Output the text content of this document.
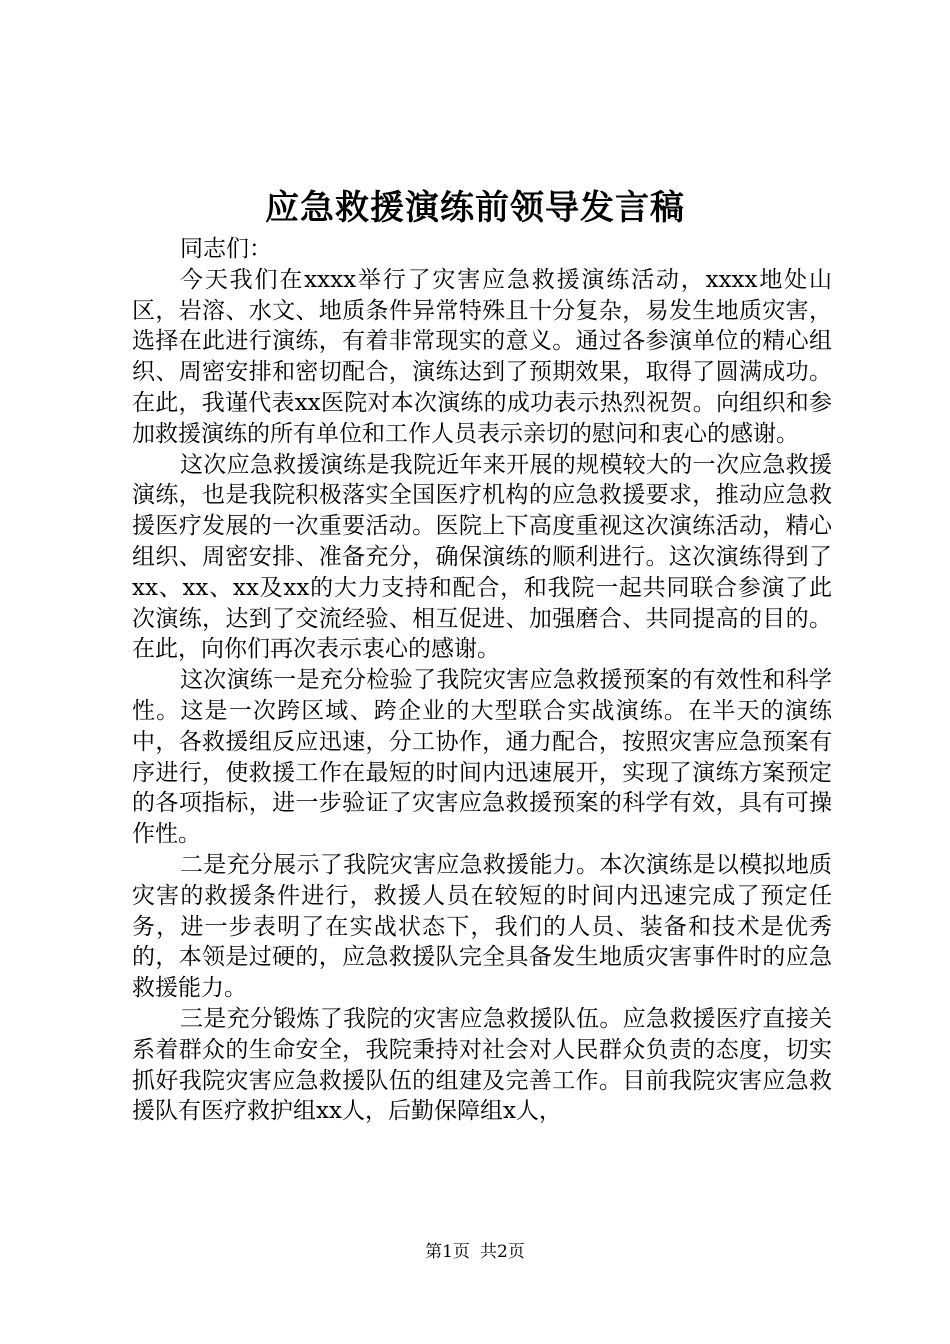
应急救援演练前领导发言稿

同志们：

今天我们在xxxx举行了灾害应急救援演练活动，xxxx地处山区，岩溶、水文、地质条件异常特殊且十分复杂，易发生地质灾害，选择在此进行演练，有着非常现实的意义。通过各参演单位的精心组织、周密安排和密切配合，演练达到了预期效果，取得了圆满成功。在此，我谨代表xx医院对本次演练的成功表示热烈祝贺。向组织和参加救援演练的所有单位和工作人员表示亲切的慰问和衷心的感谢。

这次应急救援演练是我院近年来开展的规模较大的一次应急救援演练，也是我院积极落实全国医疗机构的应急救援要求，推动应急救援医疗发展的一次重要活动。医院上下高度重视这次演练活动，精心组织、周密安排、准备充分，确保演练的顺利进行。这次演练得到了xx、xx、xx及xx的大力支持和配合，和我院一起共同联合参演了此次演练，达到了交流经验、相互促进、加强磨合、共同提高的目的。在此，向你们再次表示衷心的感谢。

这次演练一是充分检验了我院灾害应急救援预案的有效性和科学性。这是一次跨区域、跨企业的大型联合实战演练。在半天的演练中，各救援组反应迅速，分工协作，通力配合，按照灾害应急预案有序进行，使救援工作在最短的时间内迅速展开，实现了演练方案预定的各项指标，进一步验证了灾害应急救援预案的科学有效，具有可操作性。

二是充分展示了我院灾害应急救援能力。本次演练是以模拟地质灾害的救援条件进行，救援人员在较短的时间内迅速完成了预定任务，进一步表明了在实战状态下，我们的人员、装备和技术是优秀的，本领是过硬的，应急救援队完全具备发生地质灾害事件时的应急救援能力。

三是充分锻炼了我院的灾害应急救援队伍。应急救援医疗直接关系着群众的生命安全，我院秉持对社会对人民群众负责的态度，切实抓好我院灾害应急救援队伍的组建及完善工作。目前我院灾害应急救援队有医疗救护组xx人，后勤保障组x人，

第1页 共2页
